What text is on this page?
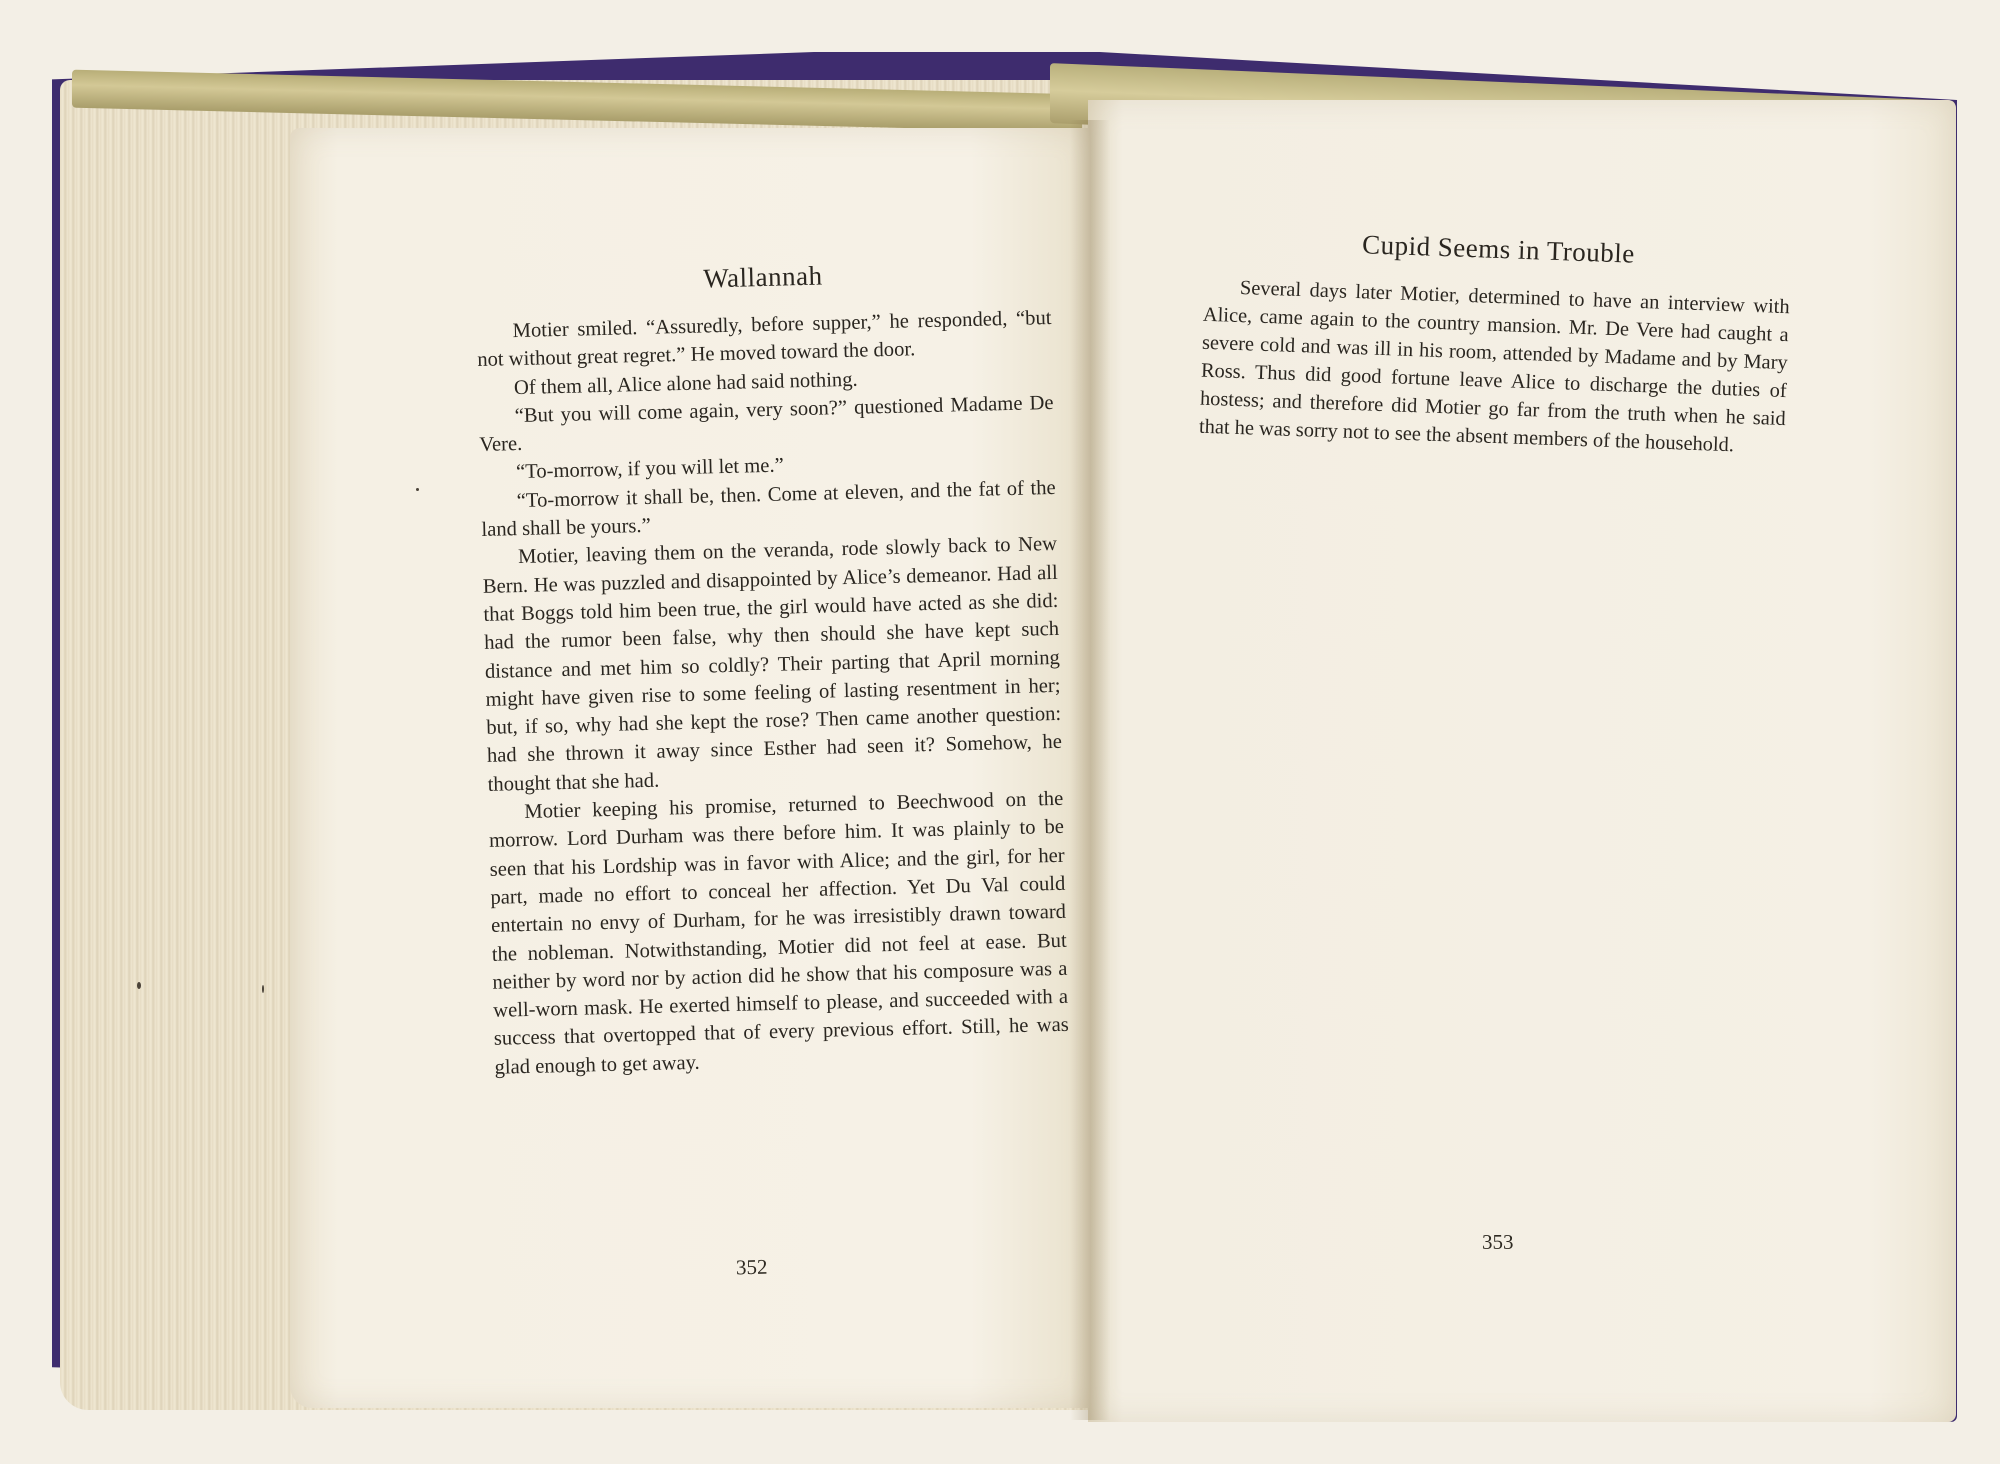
Wallannah

Motier smiled. “Assuredly, before supper,” he responded, “but not without great regret.” He moved toward the door.

Of them all, Alice alone had said nothing.

“But you will come again, very soon?” questioned Madame De Vere.

“To-morrow, if you will let me.”

“To-morrow it shall be, then. Come at eleven, and the fat of the land shall be yours.”

Motier, leaving them on the veranda, rode slowly back to New Bern. He was puzzled and disappointed by Alice’s demeanor. Had all that Boggs told him been true, the girl would have acted as she did: had the rumor been false, why then should she have kept such distance and met him so coldly? Their parting that April morning might have given rise to some feeling of lasting resentment in her; but, if so, why had she kept the rose? Then came another question: had she thrown it away since Esther had seen it? Somehow, he thought that she had.

Motier keeping his promise, returned to Beechwood on the morrow. Lord Durham was there before him. It was plainly to be seen that his Lordship was in favor with Alice; and the girl, for her part, made no effort to conceal her affection. Yet Du Val could entertain no envy of Durham, for he was irresistibly drawn toward the nobleman. Notwithstanding, Motier did not feel at ease. But neither by word nor by action did he show that his composure was a well-worn mask. He exerted himself to please, and succeeded with a success that overtopped that of every previous effort. Still, he was glad enough to get away.

352
Cupid Seems in Trouble

Several days later Motier, determined to have an interview with Alice, came again to the country mansion. Mr. De Vere had caught a severe cold and was ill in his room, attended by Madame and by Mary Ross. Thus did good fortune leave Alice to discharge the duties of hostess; and therefore did Motier go far from the truth when he said that he was sorry not to see the absent members of the household.

353
